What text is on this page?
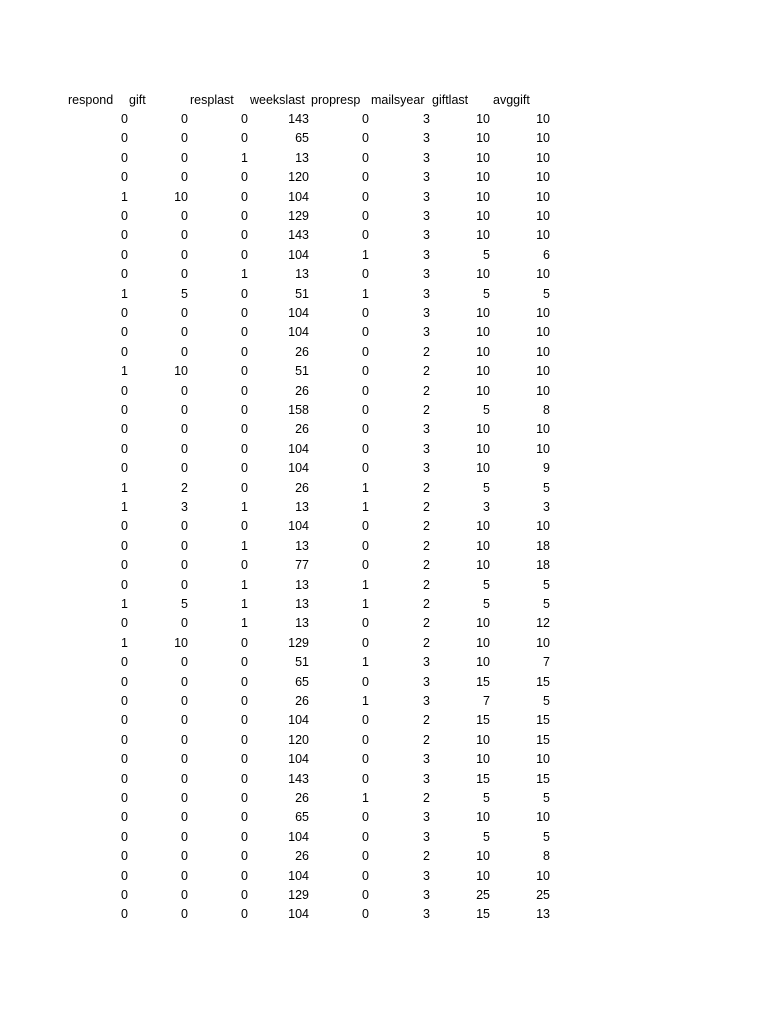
respond gift	resplast weekslast propresp mailsyear giftlast avggift
0	0	0	143	0	3	10	10
0	0	0	65	0	3	10	10
0	0	1	13	0	3	10	10
0	0	0	120	0	3	10	10
1	10	0	104	0	3	10	10
0	0	0	129	0	3	10	10
0	0	0	143	0	3	10	10
0	0	0	104	1	3	5	6
0	0	1	13	0	3	10	10
1	5	0	51	1	3	5	5
0	0	0	104	0	3	10	10
0	0	0	104	0	3	10	10
0	0	0	26	0	2	10	10
1	10	0	51	0	2	10	10
0	0	0	26	0	2	10	10
0	0	0	158	0	2	5	8
0	0	0	26	0	3	10	10
0	0	0	104	0	3	10	10
0	0	0	104	0	3	10	9
1	2	0	26	1	2	5	5
1	3	1	13	1	2	3	3
0	0	0	104	0	2	10	10
0	0	1	13	0	2	10	18
0	0	0	77	0	2	10	18
0	0	1	13	1	2	5	5
1	5	1	13	1	2	5	5
0	0	1	13	0	2	10	12
1	10	0	129	0	2	10	10
0	0	0	51	1	3	10	7
0	0	0	65	0	3	15	15
0	0	0	26	1	3	7	5
0	0	0	104	0	2	15	15
0	0	0	120	0	2	10	15
0	0	0	104	0	3	10	10
0	0	0	143	0	3	15	15
0	0	0	26	1	2	5	5
0	0	0	65	0	3	10	10
0	0	0	104	0	3	5	5
0	0	0	26	0	2	10	8
0	0	0	104	0	3	10	10
0	0	0	129	0	3	25	25
0	0	0	104	0	3	15	13
